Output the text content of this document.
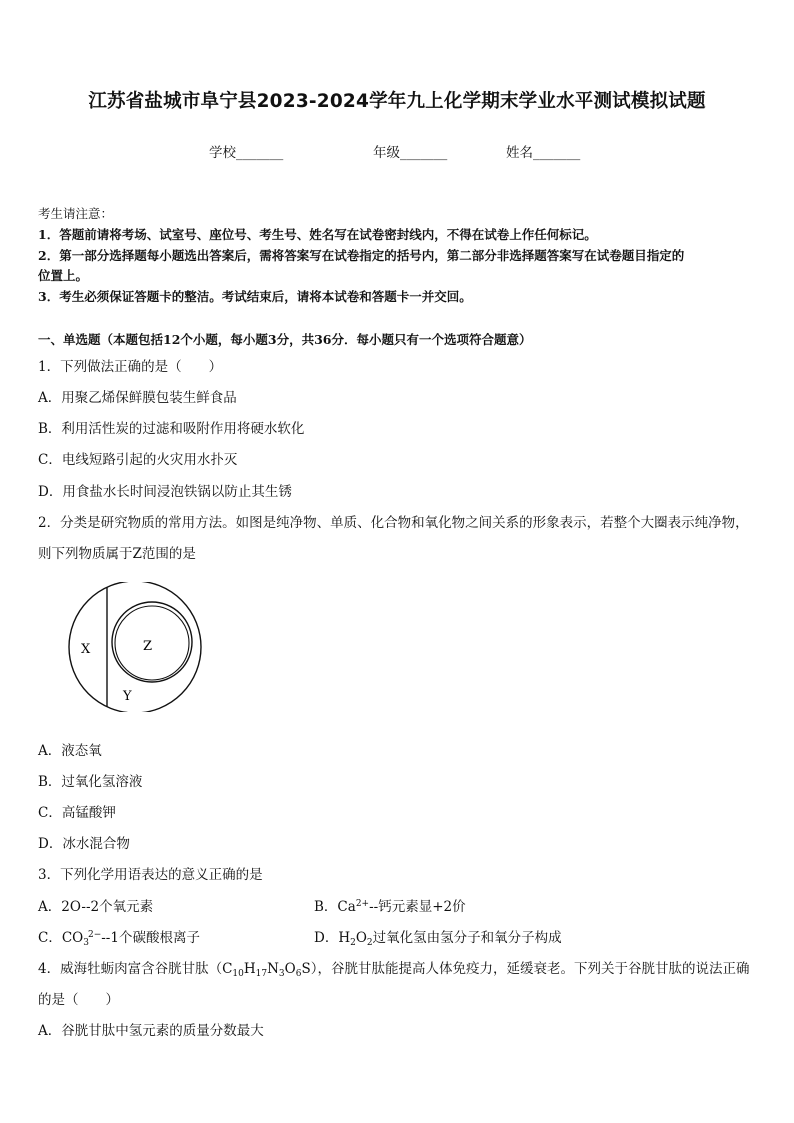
江苏省盐城市阜宁县2023-2024学年九上化学期末学业水平测试模拟试题
学校_______	年级_______	姓名_______
考生请注意：
1．答题前请将考场、试室号、座位号、考生号、姓名写在试卷密封线内，不得在试卷上作任何标记。
2．第一部分选择题每小题选出答案后，需将答案写在试卷指定的括号内，第二部分非选择题答案写在试卷题目指定的
位置上。
3．考生必须保证答题卡的整洁。考试结束后，请将本试卷和答题卡一并交回。
一、单选题（本题包括12个小题，每小题3分，共36分．每小题只有一个选项符合题意）
1．下列做法正确的是（　　）
A．用聚乙烯保鲜膜包装生鲜食品
B．利用活性炭的过滤和吸附作用将硬水软化
C．电线短路引起的火灾用水扑灭
D．用食盐水长时间浸泡铁锅以防止其生锈
2．分类是研究物质的常用方法。如图是纯净物、单质、化合物和氧化物之间关系的形象表示，若整个大圈表示纯净物，
则下列物质属于Z范围的是
X	Z
Y
A．液态氧
B．过氧化氢溶液
C．高锰酸钾
D．冰水混合物
3．下列化学用语表达的意义正确的是
A．2O--2个氧元素	B．$Ca^{2+}--$钙元素显+2价
C．$CO_3^{2-}--1$个碳酸根离子	D．$H_2O_2$过氧化氢由氢分子和氧分子构成
4．威海牡蛎肉富含谷胱甘肽$(C_{10}H_{17}N_3O_6S)$，谷胱甘肽能提高人体免疫力，延缓衰老。下列关于谷胱甘肽的说法正确
的是（　　）
A．谷胱甘肽中氢元素的质量分数最大
